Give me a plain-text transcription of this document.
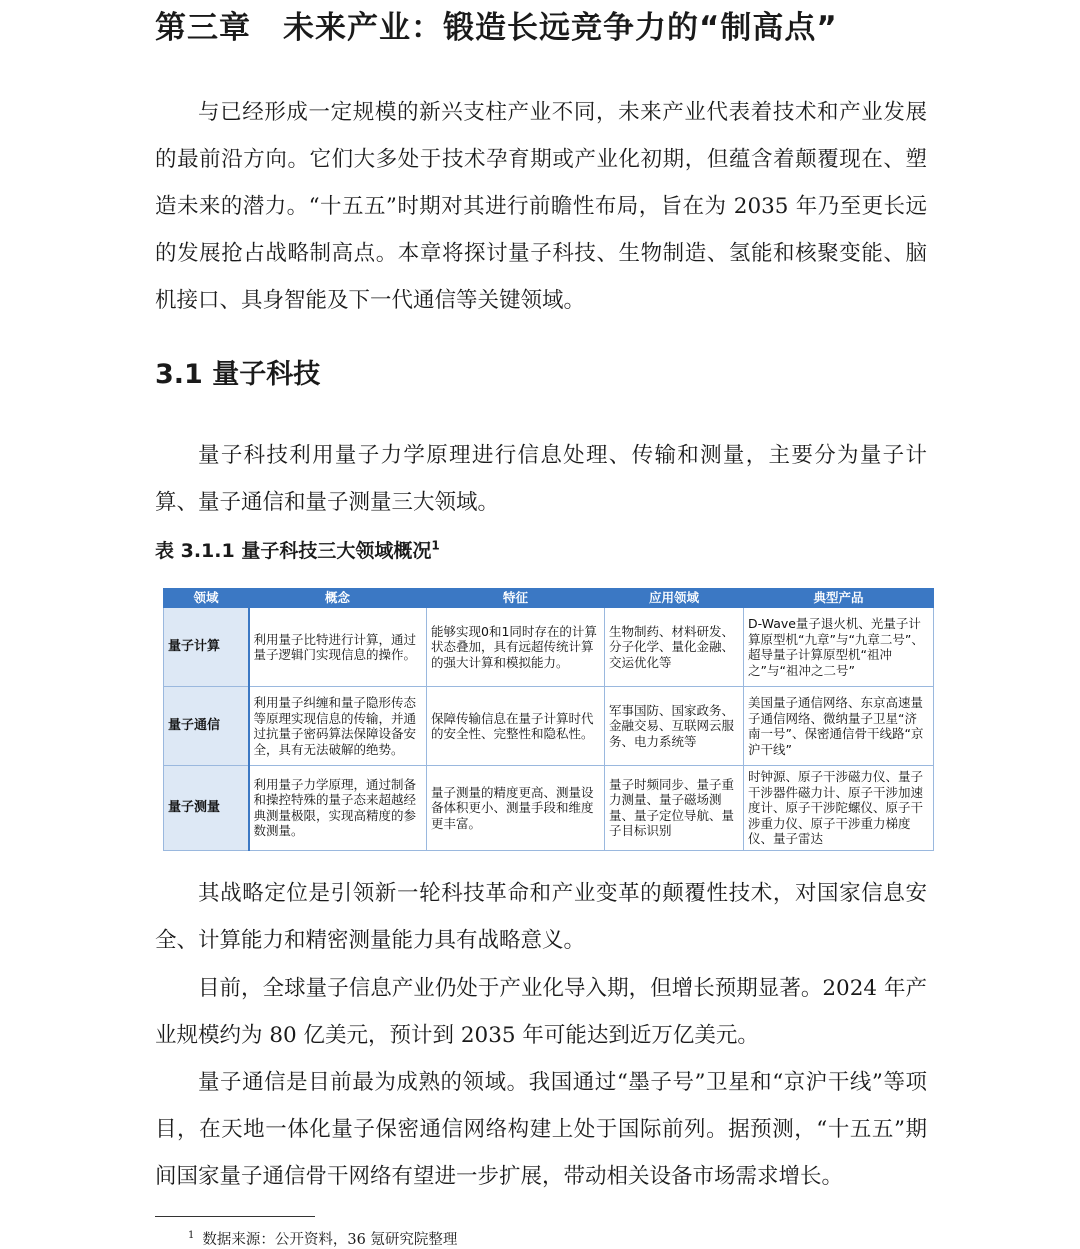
第三章　未来产业：锻造长远竞争力的“制高点”

与已经形成一定规模的新兴支柱产业不同，未来产业代表着技术和产业发展的最前沿方向。它们大多处于技术孕育期或产业化初期，但蕴含着颠覆现在、塑造未来的潜力。“十五五”时期对其进行前瞻性布局，旨在为 2035 年乃至更长远的发展抢占战略制高点。本章将探讨量子科技、生物制造、氢能和核聚变能、脑机接口、具身智能及下一代通信等关键领域。

3.1 量子科技

量子科技利用量子力学原理进行信息处理、传输和测量，主要分为量子计算、量子通信和量子测量三大领域。

表 3.1.1 量子科技三大领域概况$^1$
领域	概念	特征	应用领域	典型产品
量子计算	利用量子比特进行计算，通过量子逻辑门实现信息的操作。	能够实现0和1同时存在的计算状态叠加，具有远超传统计算的强大计算和模拟能力。	生物制药、材料研发、分子化学、量化金融、交运优化等	D-Wave量子退火机、光量子计算原型机“九章”与“九章二号”、超导量子计算原型机“祖冲之”与“祖冲之二号”
量子通信	利用量子纠缠和量子隐形传态等原理实现信息的传输，并通过抗量子密码算法保障设备安全，具有无法破解的绝势。	保障传输信息在量子计算时代的安全性、完整性和隐私性。	军事国防、国家政务、金融交易、互联网云服务、电力系统等	美国量子通信网络、东京高速量子通信网络、微纳量子卫星“济南一号”、保密通信骨干线路“京沪干线”
量子测量	利用量子力学原理，通过制备和操控特殊的量子态来超越经典测量极限，实现高精度的参数测量。	量子测量的精度更高、测量设备体积更小、测量手段和维度更丰富。	量子时频同步、量子重力测量、量子磁场测量、量子定位导航、量子目标识别	时钟源、原子干涉磁力仪、量子干涉器件磁力计、原子干涉加速度计、原子干涉陀螺仪、原子干涉重力仪、原子干涉重力梯度仪、量子雷达

其战略定位是引领新一轮科技革命和产业变革的颠覆性技术，对国家信息安全、计算能力和精密测量能力具有战略意义。

目前，全球量子信息产业仍处于产业化导入期，但增长预期显著。2024 年产业规模约为 80 亿美元，预计到 2035 年可能达到近万亿美元。

量子通信是目前最为成熟的领域。我国通过“墨子号”卫星和“京沪干线”等项目，在天地一体化量子保密通信网络构建上处于国际前列。据预测，“十五五”期间国家量子通信骨干网络有望进一步扩展，带动相关设备市场需求增长。

$^1$ 数据来源：公开资料，36 氪研究院整理
